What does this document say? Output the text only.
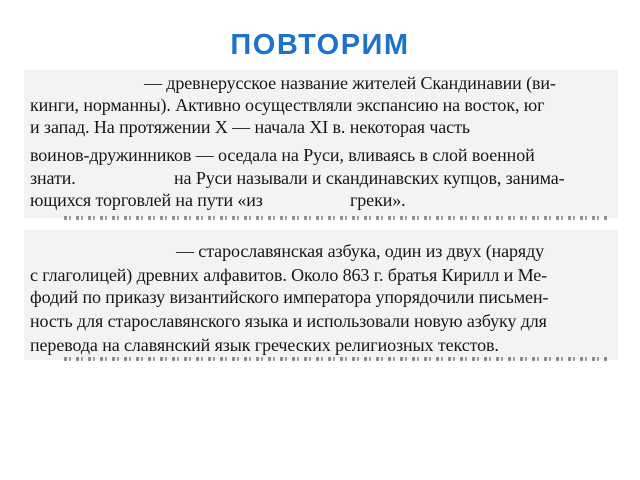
ПОВТОРИМ
— древнерусское название жителей Скандинавии (ви-
кинги, норманны). Активно осуществляли экспансию на восток, юг
и запад. На протяжении X — начала XI в. некоторая часть
воинов-дружинников — оседала на Руси, вливаясь в слой военной
знати.	на Руси называли и скандинавских купцов, занима-
ющихся торговлей на пути «из	греки».
— старославянская азбука, один из двух (наряду
с глаголицей) древних алфавитов. Около 863 г. братья Кирилл и Ме-
фодий по приказу византийского императора упорядочили письмен-
ность для старославянского языка и использовали новую азбуку для
перевода на славянский язык греческих религиозных текстов.
